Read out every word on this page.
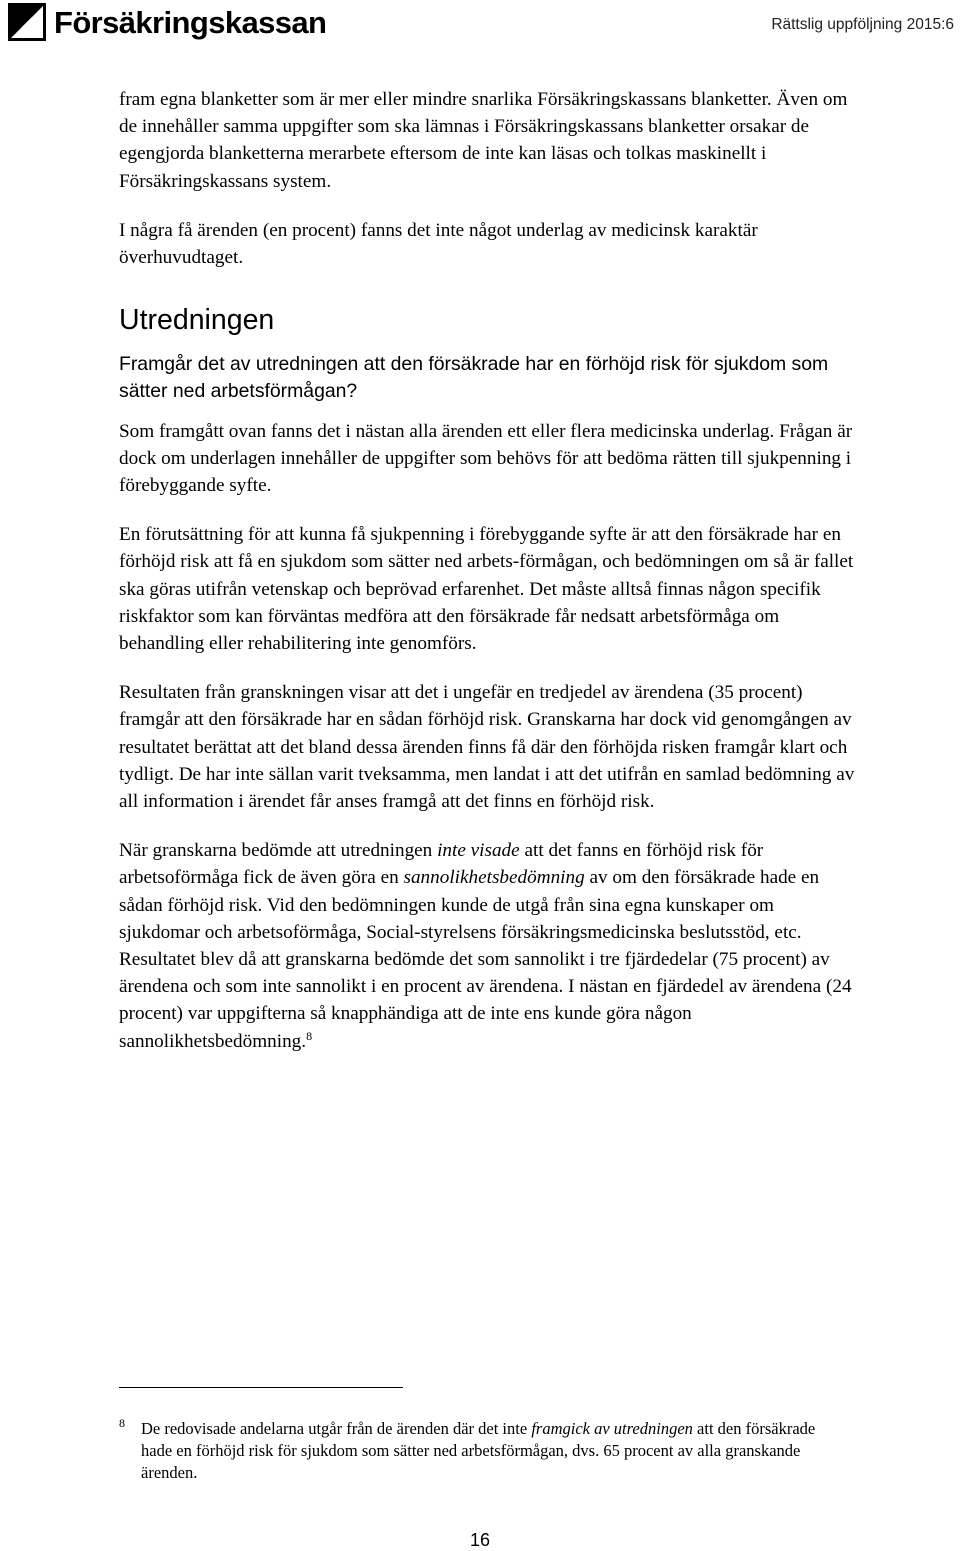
Försäkringskassan	Rättslig uppföljning 2015:6

fram egna blanketter som är mer eller mindre snarlika Försäkringskassans blanketter. Även om de innehåller samma uppgifter som ska lämnas i Försäkringskassans blanketter orsakar de egengjorda blanketterna merarbete eftersom de inte kan läsas och tolkas maskinellt i Försäkringskassans system.

I några få ärenden (en procent) fanns det inte något underlag av medicinsk karaktär överhuvudtaget.

Utredningen
Framgår det av utredningen att den försäkrade har en förhöjd risk för sjukdom som sätter ned arbetsförmågan?

Som framgått ovan fanns det i nästan alla ärenden ett eller flera medicinska underlag. Frågan är dock om underlagen innehåller de uppgifter som behövs för att bedöma rätten till sjukpenning i förebyggande syfte.

En förutsättning för att kunna få sjukpenning i förebyggande syfte är att den försäkrade har en förhöjd risk att få en sjukdom som sätter ned arbets-förmågan, och bedömningen om så är fallet ska göras utifrån vetenskap och beprövad erfarenhet. Det måste alltså finnas någon specifik riskfaktor som kan förväntas medföra att den försäkrade får nedsatt arbetsförmåga om behandling eller rehabilitering inte genomförs.

Resultaten från granskningen visar att det i ungefär en tredjedel av ärendena (35 procent) framgår att den försäkrade har en sådan förhöjd risk. Granskarna har dock vid genomgången av resultatet berättat att det bland dessa ärenden finns få där den förhöjda risken framgår klart och tydligt. De har inte sällan varit tveksamma, men landat i att det utifrån en samlad bedömning av all information i ärendet får anses framgå att det finns en förhöjd risk.

När granskarna bedömde att utredningen inte visade att det fanns en förhöjd risk för arbetsoförmåga fick de även göra en sannolikhetsbedömning av om den försäkrade hade en sådan förhöjd risk. Vid den bedömningen kunde de utgå från sina egna kunskaper om sjukdomar och arbetsoförmåga, Social-styrelsens försäkringsmedicinska beslutsstöd, etc. Resultatet blev då att granskarna bedömde det som sannolikt i tre fjärdedelar (75 procent) av ärendena och som inte sannolikt i en procent av ärendena. I nästan en fjärdedel av ärendena (24 procent) var uppgifterna så knapphändiga att de inte ens kunde göra någon sannolikhetsbedömning.$^8$

8 De redovisade andelarna utgår från de ärenden där det inte framgick av utredningen att den försäkrade hade en förhöjd risk för sjukdom som sätter ned arbetsförmågan, dvs. 65 procent av alla granskande ärenden.
16
